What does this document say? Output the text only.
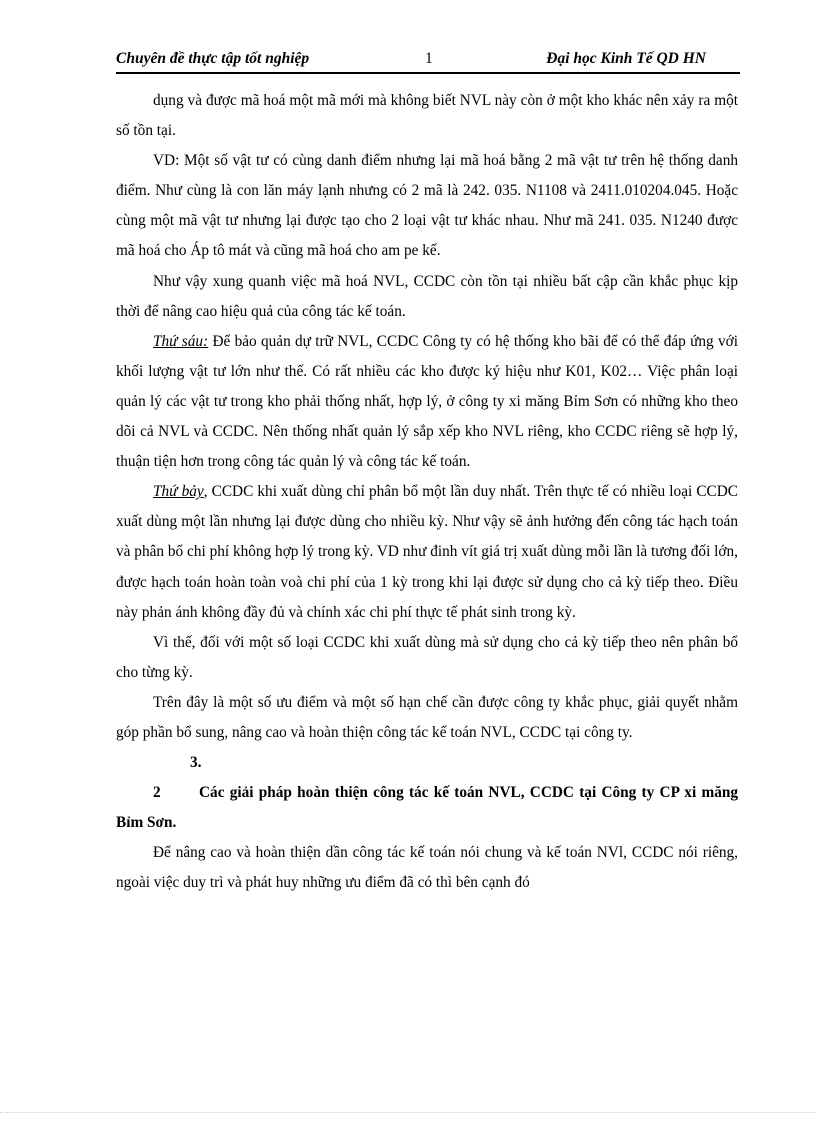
Chuyên đề thực tập tốt nghiệp	1	Đại học Kinh Tế QD HN

dụng và được mã hoá một mã mới mà không biết NVL này còn ở một kho khác nên xảy ra một số tồn tại.

VD: Một số vật tư có cùng danh điểm nhưng lại mã hoá bằng 2 mã vật tư trên hệ thống danh điểm. Như cùng là con lăn máy lạnh nhưng có 2 mã là 242. 035. N1108 và 2411.010204.045. Hoặc cùng một mã vật tư nhưng lại được tạo cho 2 loại vật tư khác nhau. Như mã 241. 035. N1240 được mã hoá cho Áp tô mát và cũng mã hoá cho am pe kế.

Như vậy xung quanh việc mã hoá NVL, CCDC còn tồn tại nhiều bất cập cần khắc phục kịp thời để nâng cao hiệu quả của công tác kế toán.

Thứ sáu: Để bảo quản dự trữ NVL, CCDC Công ty có hệ thống kho bãi để có thể đáp ứng với khối lượng vật tư lớn như thế. Có rất nhiều các kho được ký hiệu như K01, K02… Việc phân loại quản lý các vật tư trong kho phải thống nhất, hợp lý, ở công ty xi măng Bỉm Sơn có những kho theo dõi cả NVL và CCDC. Nên thống nhất quản lý sắp xếp kho NVL riêng, kho CCDC riêng sẽ hợp lý, thuận tiện hơn trong công tác quản lý và công tác kế toán.

Thứ bảy, CCDC khi xuất dùng chỉ phân bổ một lần duy nhất. Trên thực tế có nhiều loại CCDC xuất dùng một lần nhưng lại được dùng cho nhiều kỳ. Như vậy sẽ ảnh hưởng đến công tác hạch toán và phân bổ chi phí không hợp lý trong kỳ. VD như đinh vít giá trị xuất dùng mỗi lần là tương đối lớn, được hạch toán hoàn toàn voà chi phí của 1 kỳ trong khi lại được sử dụng cho cả kỳ tiếp theo. Điều này phản ánh không đầy đủ và chính xác chi phí thực tế phát sinh trong kỳ.

Vì thế, đối với một số loại CCDC khi xuất dùng mà sử dụng cho cả kỳ tiếp theo nên phân bổ cho từng kỳ.

Trên đây là một số ưu điểm và một số hạn chế cần được công ty khắc phục, giải quyết nhằm góp phần bổ sung, nâng cao và hoàn thiện công tác kế toán NVL, CCDC tại công ty.

3. 2	Các giải pháp hoàn thiện công tác kế toán NVL, CCDC tại Công ty CP xi măng Bỉm Sơn.

Để nâng cao và hoàn thiện dần công tác kế toán nói chung và kế toán NVl, CCDC nói riêng, ngoài việc duy trì và phát huy những ưu điểm đã có thì bên cạnh đó
